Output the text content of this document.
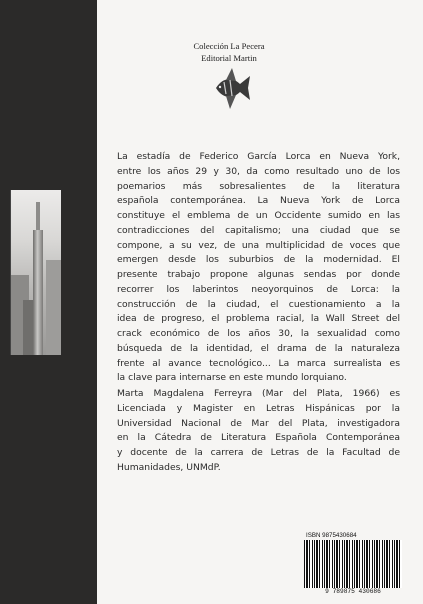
Colección La Pecera
Editorial Martin
La estadía de Federico García Lorca en Nueva York,
entre los años 29 y 30, da como resultado uno de los
poemarios más sobresalientes de la literatura
española contemporánea. La Nueva York de Lorca
constituye el emblema de un Occidente sumido en las
contradicciones del capitalismo; una ciudad que se
compone, a su vez, de una multiplicidad de voces que
emergen desde los suburbios de la modernidad. El
presente trabajo propone algunas sendas por donde
recorrer los laberintos neoyorquinos de Lorca: la
construcción de la ciudad, el cuestionamiento a la
idea de progreso, el problema racial, la Wall Street del
crack económico de los años 30, la sexualidad como
búsqueda de la identidad, el drama de la naturaleza
frente al avance tecnológico... La marca surrealista es
la clave para internarse en este mundo lorquiano.
Marta Magdalena Ferreyra (Mar del Plata, 1966) es
Licenciada y Magister en Letras Hispánicas por la
Universidad Nacional de Mar del Plata, investigadora
en la Cátedra de Literatura Española Contemporánea
y docente de la carrera de Letras de la Facultad de
Humanidades, UNMdP.
ISBN 9875430684
9 789875 430686
